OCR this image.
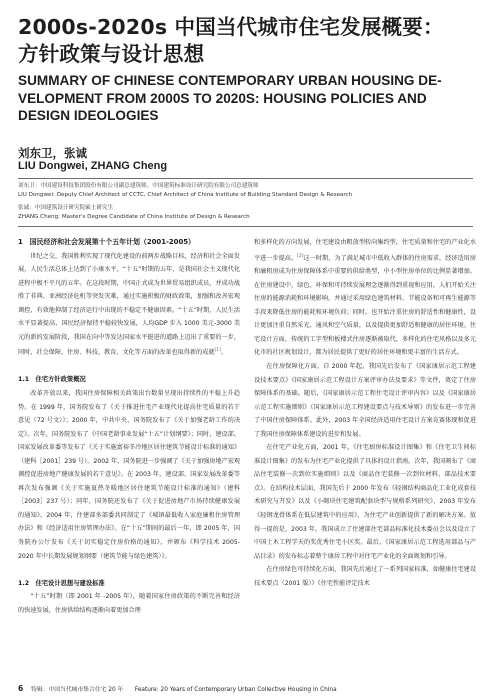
2000s-2020s 中国当代城市住宅发展概要：
方针政策与设计思想
SUMMARY OF CHINESE CONTEMPORARY URBAN HOUSING DE-
VELOPMENT FROM 2000S TO 2020S: HOUSING POLICIES AND
DESIGN IDEOLOGIES
刘东卫，张诚
LIU Dongwei, ZHANG Cheng
刘东卫：中国建设科技集团股份有限公司副总建筑师，中国建筑标准设计研究院有限公司总建筑师
LIU Dongwei: Deputy Chief Architect of CCTC, Chief Architect of China Institute of Building Standard Design & Research
张诚：中国建筑设计研究院硕士研究生
ZHANG Cheng: Master's Degree Candidate of China Institute of Design & Research
1　国民经济和社会发展第十个五年计划（2001-2005）

世纪之交，我国胜利实现了现代化建设的前两步战略目标，经济和社会全面发展，人民生活总体上达到了小康水平。“十五”时期的五年，是我国社会主义现代化进程中极不平凡的五年。在这段时期，中国正式成为世界贸易组织成员，并成功战胜了非典、亚洲经济危机等突发灾难，通过实施积极的财政政策，加强和改善宏观调控，有效地抑制了经济运行中出现的不稳定不健康因素。“十五”时期，人民生活水平显著提高，国民经济保持平稳较快发展，人均GDP 步入 1000 美元-3000 美元的新的发展阶段，我国在向中等发达国家水平挺进的道路上迈出了重要的一步，同时，社会保障、住房、科技、教育、文化等方面的改革也取得新的成就[1]。

1.1　住宅方针政策概况

改革开放以来，我国住房保障相关政策出台数量呈现出持续性的平稳上升趋势。在 1999 年，国务院发布了《关于推进住宅产业现代化提高住宅质量的若干意见（72 号文）》；2000 年，中共中央、国务院发布了《关于加强老龄工作的决定》。次年，国务院发布了《中国老龄事业发展“十五”计划纲要》；同时，建设部、国家发展改革委等发布了《关于实施富裕冬冷地区居住建筑节能设计标准的通知》（建科［2001］239 号）。2002 年，国务院进一步强调了《关于加强房地产宏观调控促进房地产健康发展的若干意见》。在 2003 年，建设部、国家发展改革委等再次发布强调《关于实施夏热冬暖地区居住建筑节能设计标准的通知》（建科［2003］237 号）；同年，国务院还发布了《关于促进房地产市场持续健康发展的通知》。2004 年，住建部多部委共同制定了《城镇最低收入家庭廉租住房管理办法》和《经济适用住房管理办法》。在“十五”期间的最后一年，即 2005 年，国务院办公厅发布《关于切实稳定住房价格的通知》，并颁布《科学技术 2005-2020 年中长期发展规划纲要（建筑节能与绿色建筑）》。

1.2　住宅设计思想与建设标准

“十五”时期（即 2001 年 -2005 年），随着国家住房政策的不断完善和经济的快速发展，住房供给结构逐渐向着更加合理

和多样化的方向发展，住宅建设由粗放型转向集约型，住宅质量和住宅的产业化水平进一步提高。[2]这一时期，为了满足城市中低收入群体的住房需求，经济适用房和廉租房成为住房保障体系中重要的供给类型，中小型住房单位的比例显著增加。在住房建设中，绿色、环保和可持续发展理念逐渐得到重视和应用，人们开始关注住房的能源消耗和环境影响，并通过采用绿色建筑材料、节能设备和可再生能源等手段来降低住房的能耗和环境负荷；同时，也开始注重住房的舒适性和健康性，设计更加注重自然采光、通风和空气质量，以及提供更加舒适和健康的居住环境。住宅设计方面，传统的工字型和板楼式住房逐渐被取代，多样化的住宅风格以及多元化市的社区规划设计，都为居民提供了更好的居住环境和更丰富的生活方式。

在住房保障化方面，自 2000 年起，我国先后发布了《国家康居示范工程建设技术要点》《国家康居示范工程设计方案评审办法及要求》等文件，奠定了住房保障体系的基础。随后，《国家康居示范工程住宅设计评审内容》以及《国家康居示范工程实施细则》《国家康居示范工程建设要点与技术导则》的发布进一步完善了中国住房保障体系。此外，2003 年全国经济适用住宅设计方案竞赛体现和促进了我国住房保障体系建设的进步和发展。

在住宅产业化方面，2001 年，《住宅厨房标准设计图集》和《住宅卫生间标准设计图集》的发布为住宅产业化提供了具体的设计指南。次年，我国颁布了《商品住宅装修一次到位实施细则》以及《商品住宅装修一次到位材料、部品技术要点》。在结构技术层面，我国先后于 2000 年发布《轻钢结构商品化工业化成套技术研究与开发》以及《小砌块住宅建筑配套块型与规格系列研究》，2003 年发布《轻钢龙骨体系在低层建筑中的应用》，为住宅产业创新提供了新的解决方案。值得一提的是，2003 年，我国成立了住建部住宅部品标准化技术委员会以及设立了中国土木工程学天的奖优秀住宅小区奖。最后，《国家康居示范工程选用部品与产品目录》的发布标志着整个康居工程中对住宅产业化的全面规划和引导。

在住房绿色可持续化方面，我国先后通过了一系列国家标准，如健康住宅建设技术要点（2001 版）》《住宅性能评定技术

6 特辑：中国当代城市集合住宅 20 年 Feature: 20 Years of Contemporary Urban Collective Housing in China
